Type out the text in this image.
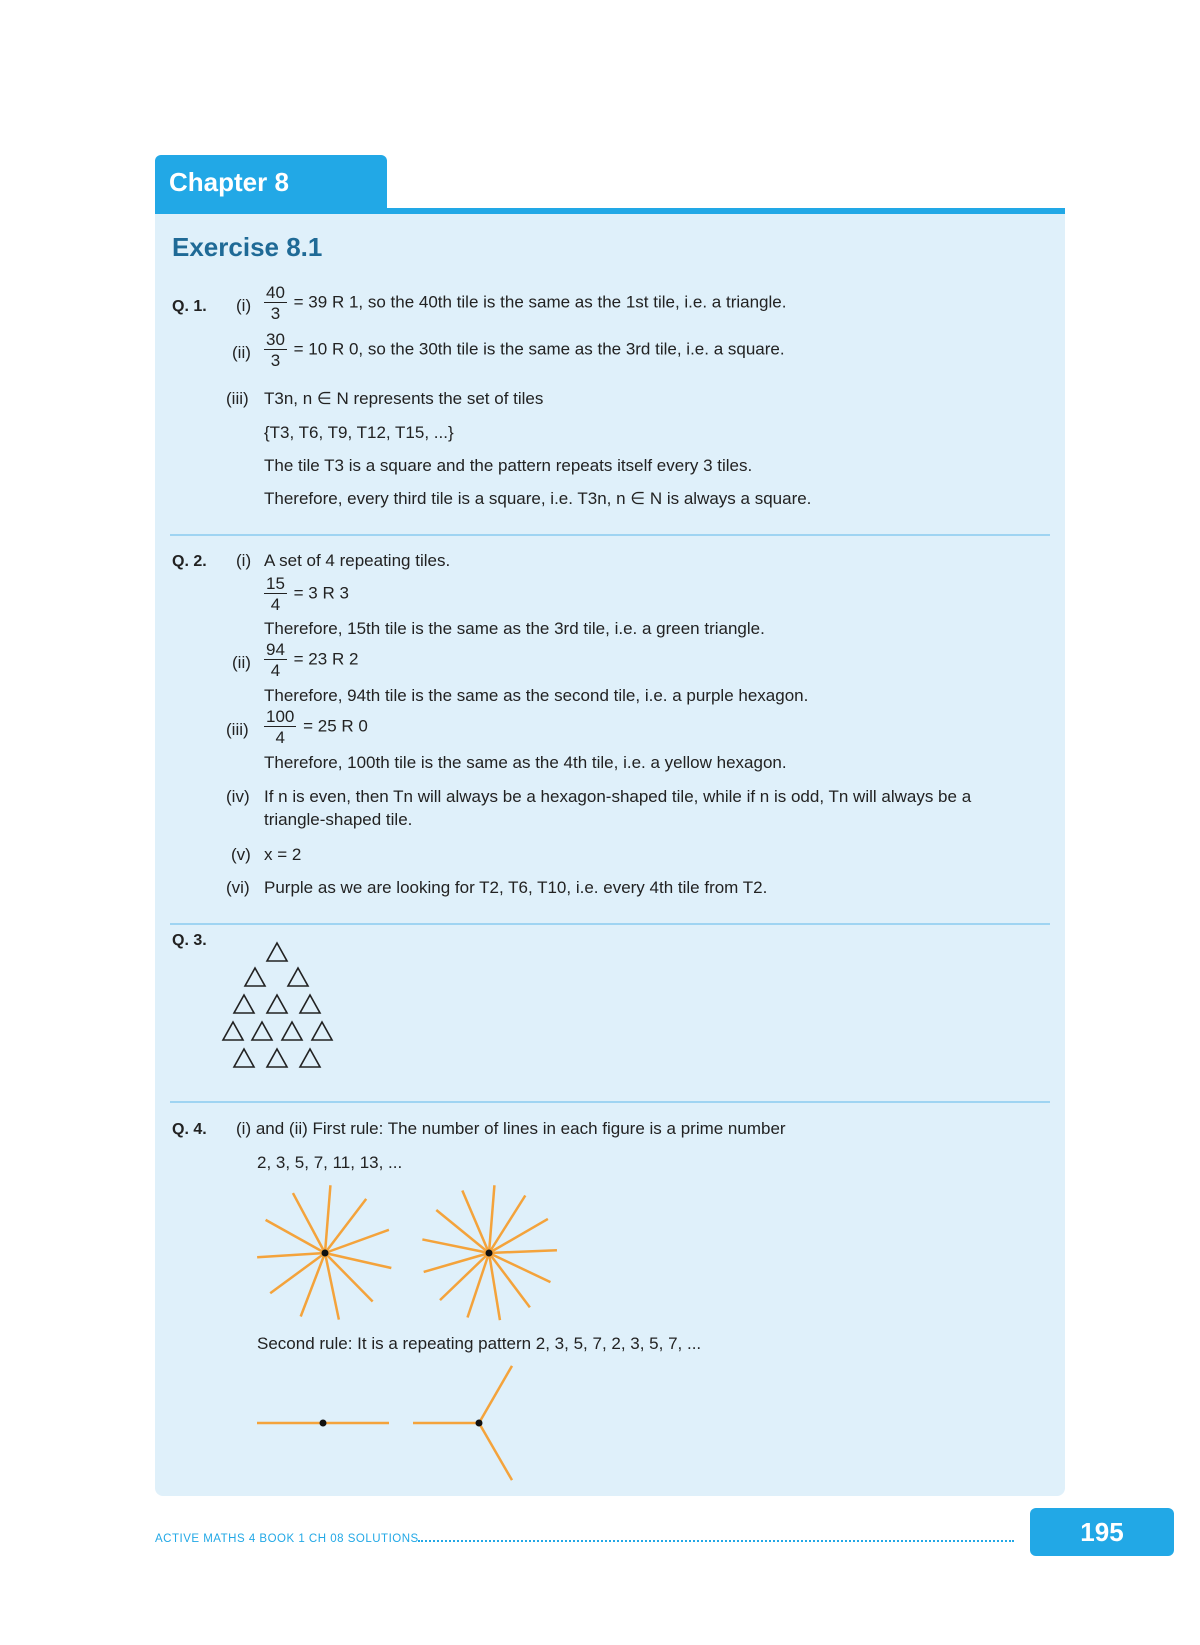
Chapter 8
Exercise 8.1
Q. 1. $(i) \frac{40}{3} = 39$ R 1, so the 40th tile is the same as the 1st tile, i.e. a triangle.
$(ii) \frac{30}{3} = 10$ R 0, so the 30th tile is the same as the 3rd tile, i.e. a square.
(iii) T3n, n ∈ N represents the set of tiles
{T3, T6, T9, T12, T15, ...}
The tile T3 is a square and the pattern repeats itself every 3 tiles.
Therefore, every third tile is a square, i.e. T3n, n ∈ N is always a square.
Q. 2. (i) A set of 4 repeating tiles.
$\frac{15}{4} = 3$ R 3
Therefore, 15th tile is the same as the 3rd tile, i.e. a green triangle.
$(ii) \frac{94}{4} = 23$ R 2
Therefore, 94th tile is the same as the second tile, i.e. a purple hexagon.
$(iii) \frac{100}{4} = 25$ R 0
Therefore, 100th tile is the same as the 4th tile, i.e. a yellow hexagon.
(iv) If n is even, then Tn will always be a hexagon-shaped tile, while if n is odd, Tn will always be a
triangle-shaped tile.
(v) x = 2
(vi) Purple as we are looking for T2, T6, T10, i.e. every 4th tile from T2.
Q. 3.
Q. 4. (i) and (ii) First rule: The number of lines in each figure is a prime number
2, 3, 5, 7, 11, 13, ...
Second rule: It is a repeating pattern 2, 3, 5, 7, 2, 3, 5, 7, ...
ACTIVE MATHS 4 BOOK 1 CH 08 SOLUTIONS	195
